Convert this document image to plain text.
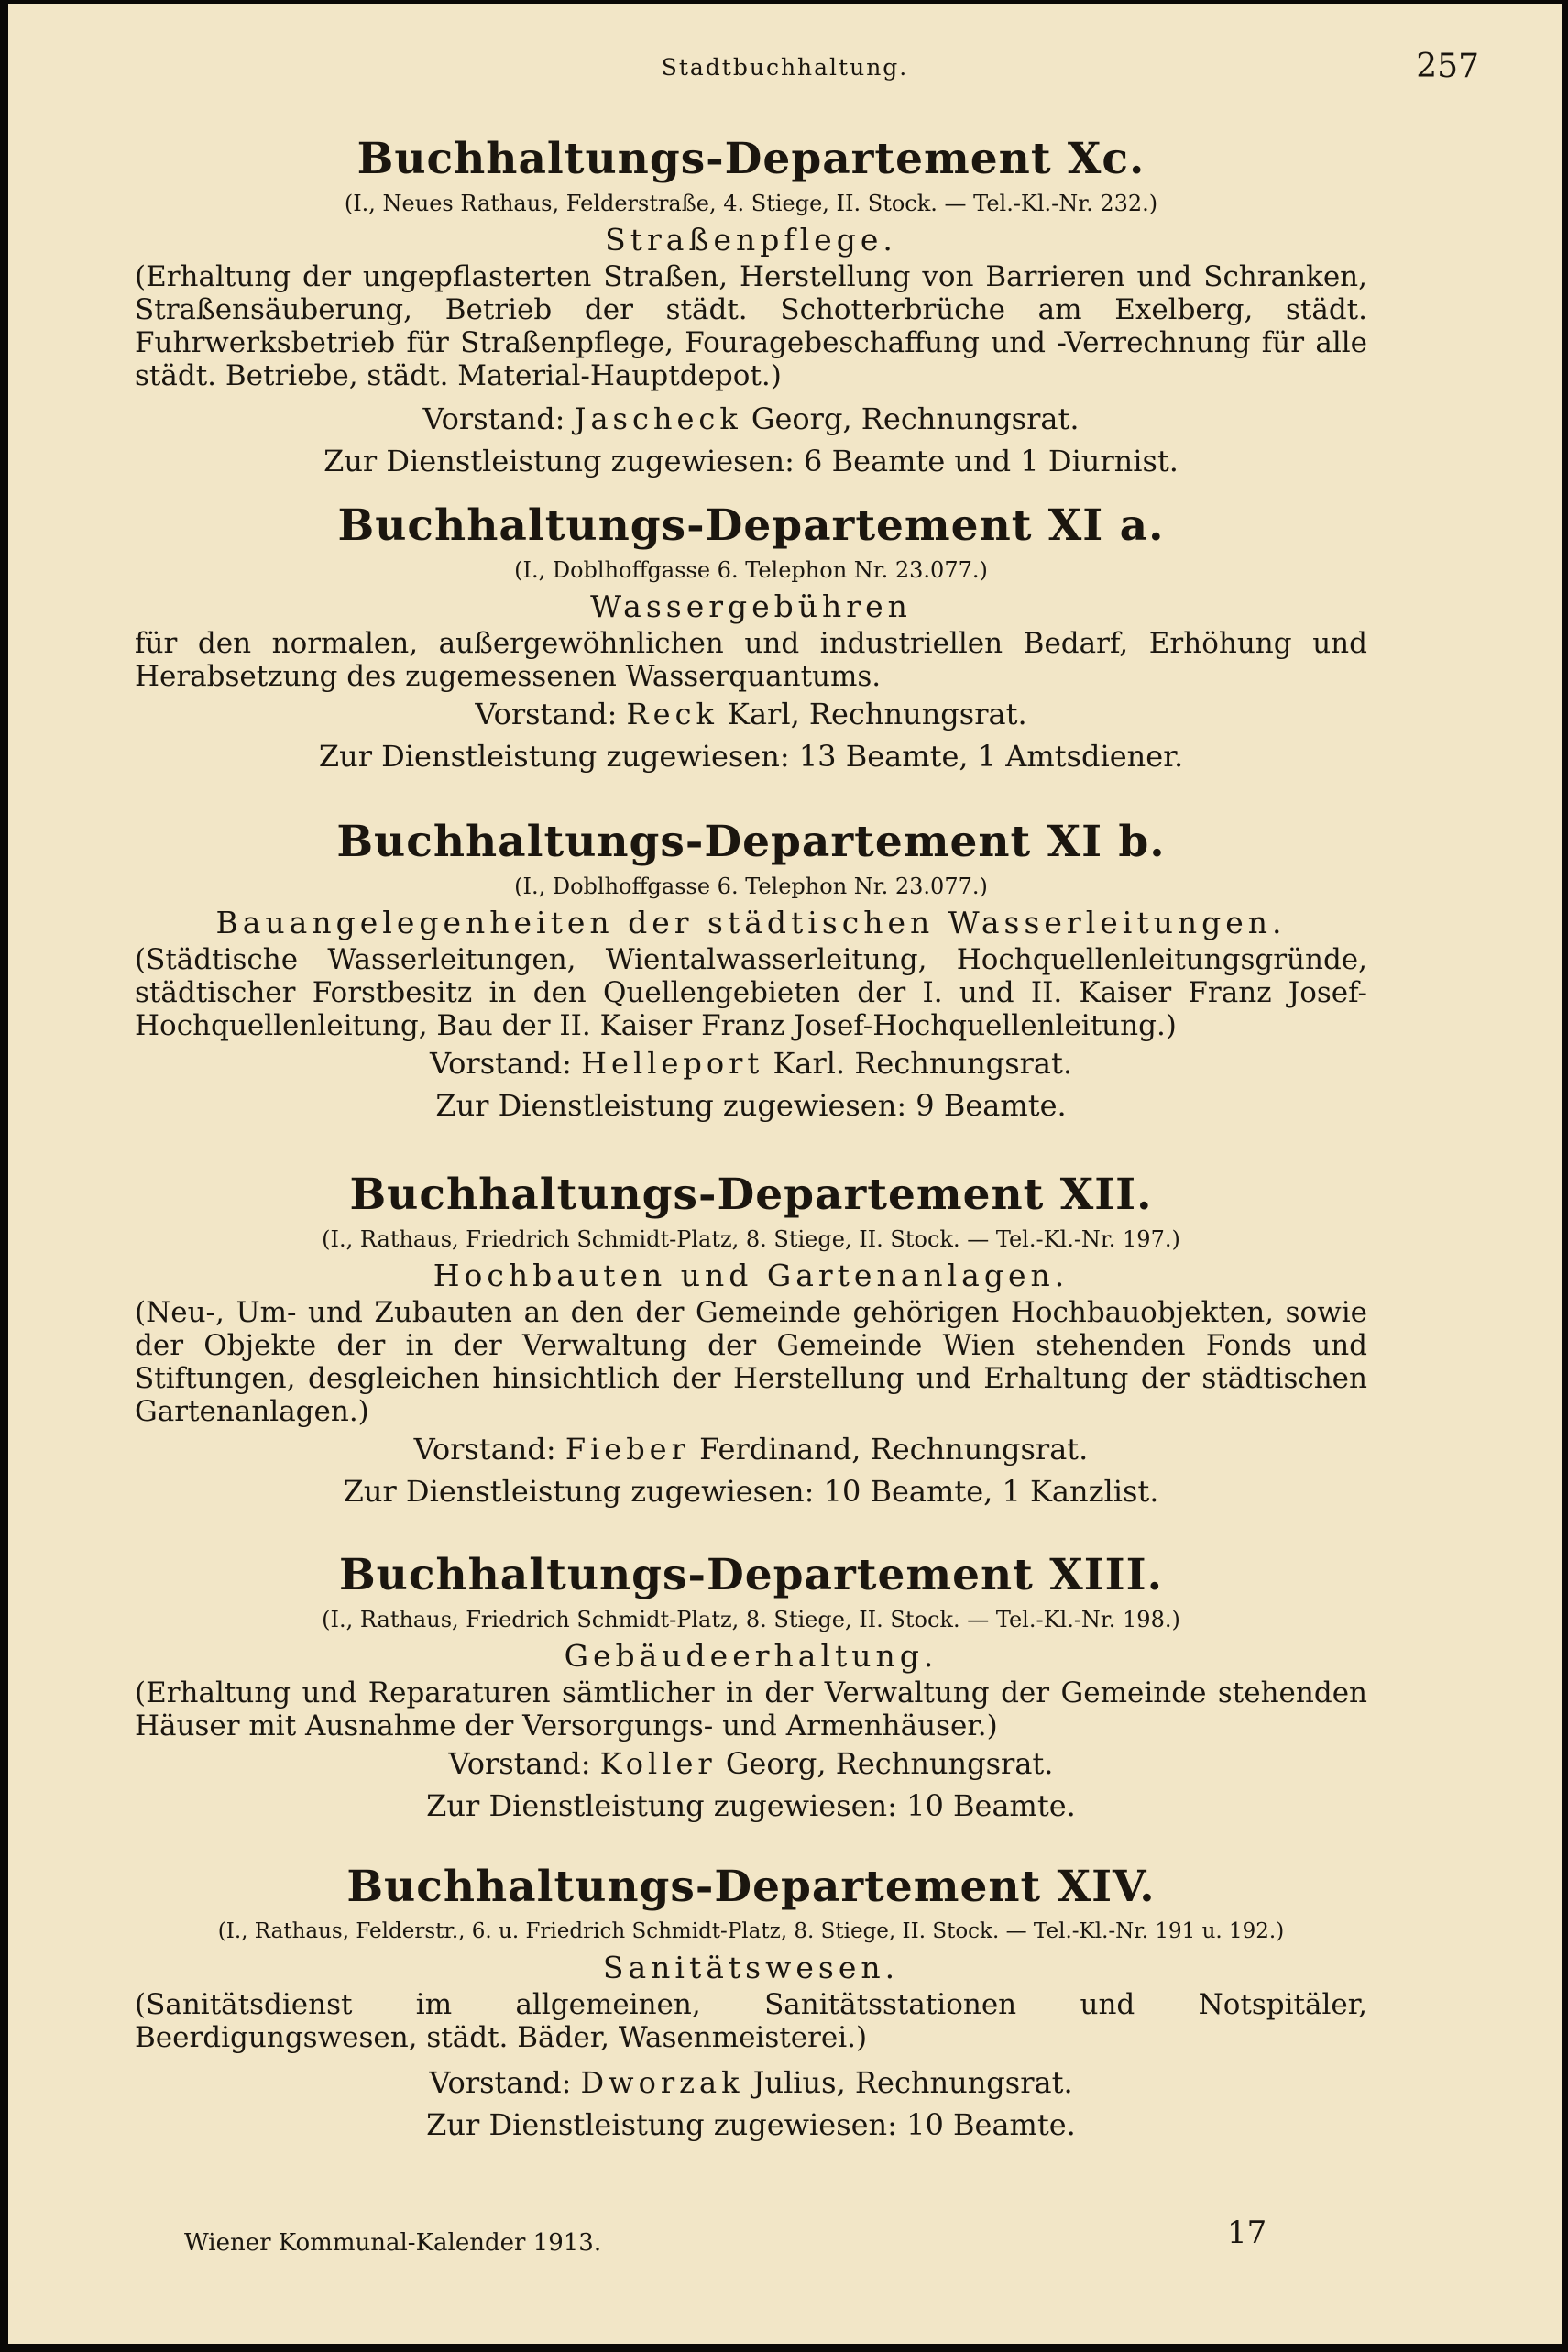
Stadtbuchhaltung.	257

Buchhaltungs-Departement Xc.

(I., Neues Rathaus, Felderstraße, 4. Stiege, II. Stock. — Tel.-Kl.-Nr. 232.)

Straßenpflege.

(Erhaltung der ungepflasterten Straßen, Herstellung von Barrieren und Schranken, Straßensäuberung, Betrieb der städt. Schotterbrüche am Exelberg, städt. Fuhrwerksbetrieb für Straßenpflege, Fouragebeschaffung und -Verrechnung für alle städt. Betriebe, städt. Material-Hauptdepot.)

Vorstand: Jascheck Georg, Rechnungsrat.

Zur Dienstleistung zugewiesen: 6 Beamte und 1 Diurnist.

Buchhaltungs-Departement XI a.

(I., Doblhoffgasse 6. Telephon Nr. 23.077.)

Wassergebühren

für den normalen, außergewöhnlichen und industriellen Bedarf, Erhöhung und Herabsetzung des zugemessenen Wasserquantums.

Vorstand: Reck Karl, Rechnungsrat.

Zur Dienstleistung zugewiesen: 13 Beamte, 1 Amtsdiener.

Buchhaltungs-Departement XI b.

(I., Doblhoffgasse 6. Telephon Nr. 23.077.)

Bauangelegenheiten der städtischen Wasserleitungen.

(Städtische Wasserleitungen, Wientalwasserleitung, Hochquellenleitungsgründe, städtischer Forstbesitz in den Quellengebieten der I. und II. Kaiser Franz Josef-Hochquellenleitung, Bau der II. Kaiser Franz Josef-Hochquellenleitung.)

Vorstand: Helleport Karl. Rechnungsrat.

Zur Dienstleistung zugewiesen: 9 Beamte.

Buchhaltungs-Departement XII.

(I., Rathaus, Friedrich Schmidt-Platz, 8. Stiege, II. Stock. — Tel.-Kl.-Nr. 197.)

Hochbauten und Gartenanlagen.

(Neu-, Um- und Zubauten an den der Gemeinde gehörigen Hochbauobjekten, sowie der Objekte der in der Verwaltung der Gemeinde Wien stehenden Fonds und Stiftungen, desgleichen hinsichtlich der Herstellung und Erhaltung der städtischen Gartenanlagen.)

Vorstand: Fieber Ferdinand, Rechnungsrat.

Zur Dienstleistung zugewiesen: 10 Beamte, 1 Kanzlist.

Buchhaltungs-Departement XIII.

(I., Rathaus, Friedrich Schmidt-Platz, 8. Stiege, II. Stock. — Tel.-Kl.-Nr. 198.)

Gebäudeerhaltung.

(Erhaltung und Reparaturen sämtlicher in der Verwaltung der Gemeinde stehenden Häuser mit Ausnahme der Versorgungs- und Armenhäuser.)

Vorstand: Koller Georg, Rechnungsrat.

Zur Dienstleistung zugewiesen: 10 Beamte.

Buchhaltungs-Departement XIV.

(I., Rathaus, Felderstr., 6. u. Friedrich Schmidt-Platz, 8. Stiege, II. Stock. — Tel.-Kl.-Nr. 191 u. 192.)

Sanitätswesen.

(Sanitätsdienst im allgemeinen, Sanitätsstationen und Notspitäler, Beerdigungswesen, städt. Bäder, Wasenmeisterei.)

Vorstand: Dworzak Julius, Rechnungsrat.

Zur Dienstleistung zugewiesen: 10 Beamte.

Wiener Kommunal-Kalender 1913.	17
